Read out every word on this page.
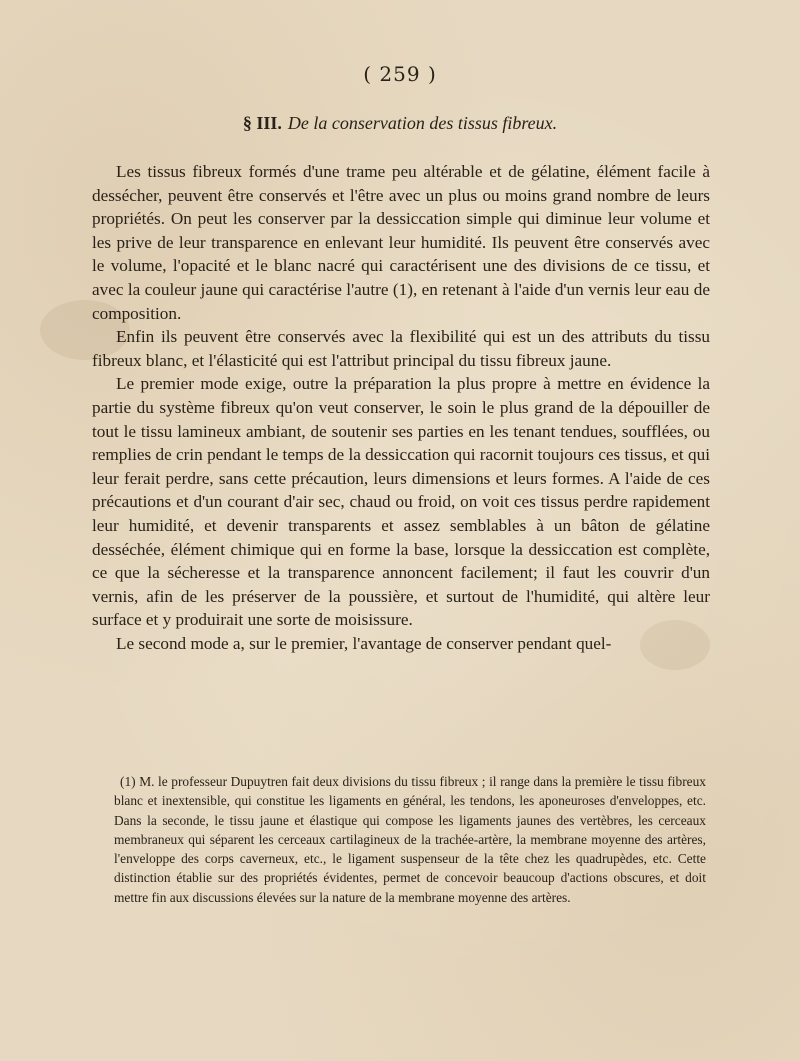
( 259 )
§ III. De la conservation des tissus fibreux.

Les tissus fibreux formés d'une trame peu altérable et de gélatine, élément facile à dessécher, peuvent être conservés et l'être avec un plus ou moins grand nombre de leurs propriétés. On peut les conserver par la dessiccation simple qui diminue leur volume et les prive de leur transparence en enlevant leur humidité. Ils peuvent être conservés avec le volume, l'opacité et le blanc nacré qui caractérisent une des divisions de ce tissu, et avec la couleur jaune qui caractérise l'autre (1), en retenant à l'aide d'un vernis leur eau de composition.

Enfin ils peuvent être conservés avec la flexibilité qui est un des attributs du tissu fibreux blanc, et l'élasticité qui est l'attribut principal du tissu fibreux jaune.

Le premier mode exige, outre la préparation la plus propre à mettre en évidence la partie du système fibreux qu'on veut conserver, le soin le plus grand de la dépouiller de tout le tissu lamineux ambiant, de soutenir ses parties en les tenant tendues, soufflées, ou remplies de crin pendant le temps de la dessiccation qui racornit toujours ces tissus, et qui leur ferait perdre, sans cette précaution, leurs dimensions et leurs formes. A l'aide de ces précautions et d'un courant d'air sec, chaud ou froid, on voit ces tissus perdre rapidement leur humidité, et devenir transparents et assez semblables à un bâton de gélatine desséchée, élément chimique qui en forme la base, lorsque la dessiccation est complète, ce que la sécheresse et la transparence annoncent facilement; il faut les couvrir d'un vernis, afin de les préserver de la poussière, et surtout de l'humidité, qui altère leur surface et y produirait une sorte de moisissure.

Le second mode a, sur le premier, l'avantage de conserver pendant quel-

(1) M. le professeur Dupuytren fait deux divisions du tissu fibreux ; il range dans la première le tissu fibreux blanc et inextensible, qui constitue les ligaments en général, les tendons, les aponeuroses d'enveloppes, etc. Dans la seconde, le tissu jaune et élastique qui compose les ligaments jaunes des vertèbres, les cerceaux membraneux qui séparent les cerceaux cartilagineux de la trachée-artère, la membrane moyenne des artères, l'enveloppe des corps caverneux, etc., le ligament suspenseur de la tête chez les quadrupèdes, etc. Cette distinction établie sur des propriétés évidentes, permet de concevoir beaucoup d'actions obscures, et doit mettre fin aux discussions élevées sur la nature de la membrane moyenne des artères.
